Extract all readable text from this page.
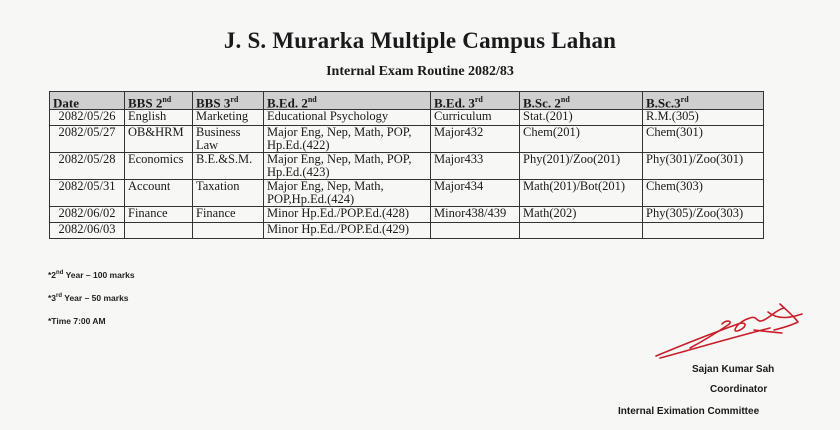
J. S. Murarka Multiple Campus Lahan
Internal Exam Routine 2082/83
Date	BBS 2nd	BBS 3rd	B.Ed. 2nd	B.Ed. 3rd	B.Sc. 2nd	B.Sc.3rd
2082/05/26	English	Marketing	Educational Psychology	Curriculum	Stat.(201)	R.M.(305)
2082/05/27	OB&HRM	Business Law	Major Eng, Nep, Math, POP, Hp.Ed.(422)	Major432	Chem(201)	Chem(301)
2082/05/28	Economics	B.E.&S.M.	Major Eng, Nep, Math, POP, Hp.Ed.(423)	Major433	Phy(201)/Zoo(201)	Phy(301)/Zoo(301)
2082/05/31	Account	Taxation	Major Eng, Nep, Math, POP,Hp.Ed.(424)	Major434	Math(201)/Bot(201)	Chem(303)
2082/06/02	Finance	Finance	Minor Hp.Ed./POP.Ed.(428)	Minor438/439	Math(202)	Phy(305)/Zoo(303)
2082/06/03			Minor Hp.Ed./POP.Ed.(429)			
*2nd Year – 100 marks
*3rd Year – 50 marks
*Time 7:00 AM
Sajan Kumar Sah
Coordinator
Internal Eximation Committee
